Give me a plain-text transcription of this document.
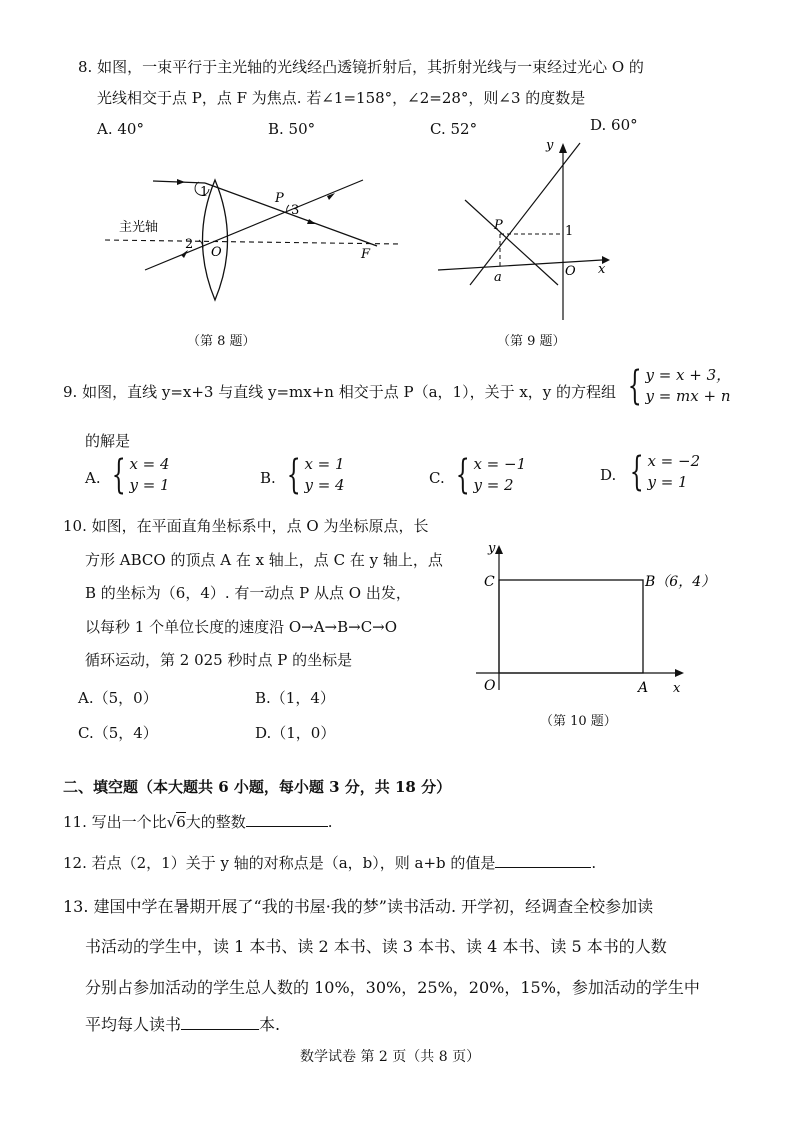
8. 如图，一束平行于主光轴的光线经凸透镜折射后，其折射光线与一束经过光心 O 的
光线相交于点 P，点 F 为焦点. 若∠1=158°，∠2=28°，则∠3 的度数是
A. 40°	B. 50°	C. 52°	D. 60°
主光轴
1
2
3
P
O	F
（第 8 题）
y
x
P	1
a	O
（第 9 题）
9. 如图，直线 y=x+3 与直线 y=mx+n 相交于点 P（a，1），关于 x，y 的方程组 { y = x + 3，
y = mx + n
的解是
A. { x = 4
y = 1	B. { x = 1
y = 4	C. { x = −1
y = 2
D. { x = −2
y = 1
10. 如图，在平面直角坐标系中，点 O 为坐标原点，长
方形 ABCO 的顶点 A 在 x 轴上，点 C 在 y 轴上，点
B 的坐标为（6，4）. 有一动点 P 从点 O 出发，
以每秒 1 个单位长度的速度沿 O→A→B→C→O
循环运动，第 2 025 秒时点 P 的坐标是
A.（5，0）	B.（1，4）
C.（5，4）	D.（1，0）
y
x
C	B（6，4）
O	A
（第 10 题）
二、填空题（本大题共 6 小题，每小题 3 分，共 18 分）
11. 写出一个比√6大的整数	.
12. 若点（2，1）关于 y 轴的对称点是（a，b），则 a+b 的值是	.
13. 建国中学在暑期开展了“我的书屋·我的梦”读书活动. 开学初，经调查全校参加读
书活动的学生中，读 1 本书、读 2 本书、读 3 本书、读 4 本书、读 5 本书的人数
分别占参加活动的学生总人数的 10%，30%，25%，20%，15%，参加活动的学生中
平均每人读书	本.
数学试卷 第 2 页（共 8 页）
